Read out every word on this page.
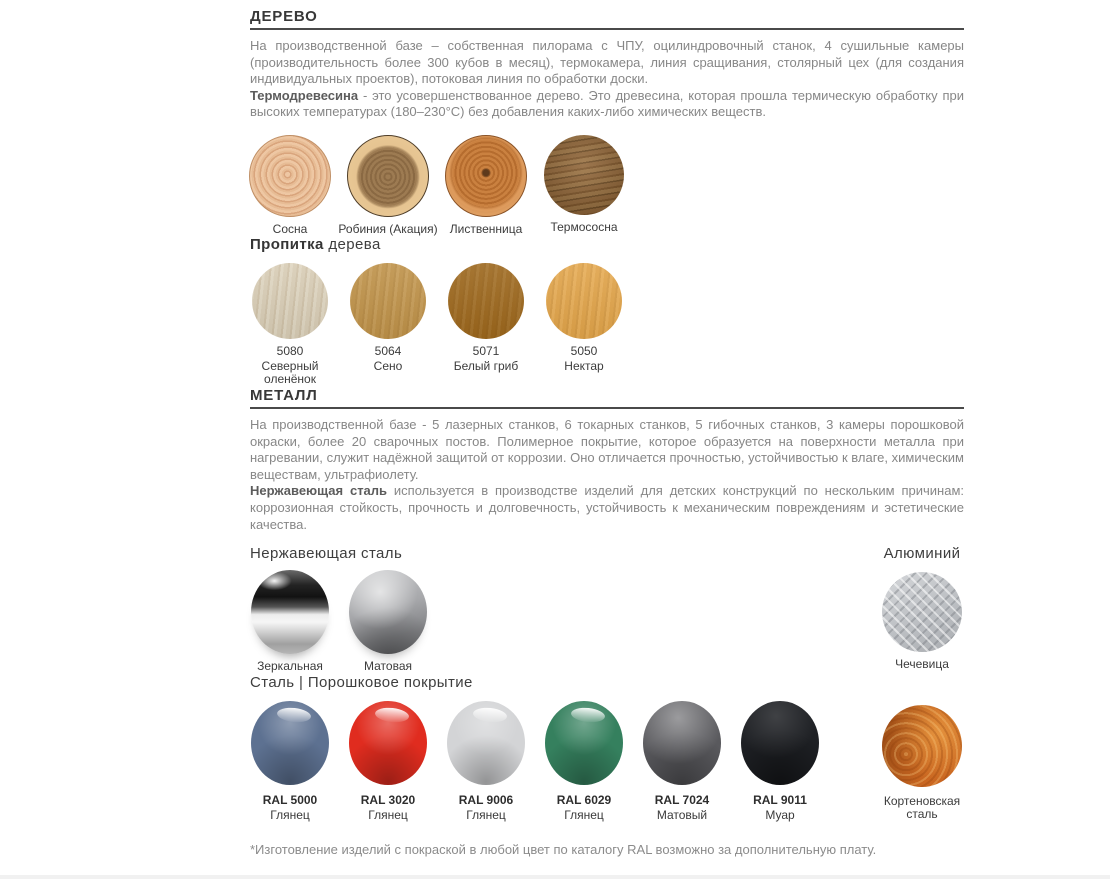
ДЕРЕВО

На производственной базе – собственная пилорама с ЧПУ, оцилиндровочный станок, 4 сушильные камеры (производительность более 300 кубов в месяц), термокамера, линия сращивания, столярный цех (для создания индивидуальных проектов), потоковая линия по обработки доски.

Термодревесина - это усовершенствованное дерево. Это древесина, которая прошла термическую обработку при высоких температурах (180–230°С) без добавления каких-либо химических веществ.

Сосна	Робиния (Акация) Лиственница Термососна
Пропитка дерева
5080
Северный оленёнок
5064
Сено
5071
Белый гриб
5050
Нектар
МЕТАЛЛ

На производственной базе - 5 лазерных станков, 6 токарных станков, 5 гибочных станков, 3 камеры порошковой окраски, более 20 сварочных постов. Полимерное покрытие, которое образуется на поверхности металла при нагревании, служит надёжной защитой от коррозии. Оно отличается прочностью, устойчивостью к влаге, химическим веществам, ультрафиолету.

Нержавеющая сталь используется в производстве изделий для детских конструкций по нескольким причинам: коррозионная стойкость, прочность и долговечность, устойчивость к механическим повреждениям и эстетические качества.

Нержавеющая сталь
Зеркальная	Матовая
Алюминий
Чечевица
Сталь | Порошковое покрытие
RAL 5000
Глянец
RAL 3020
Глянец
RAL 9006
Глянец
RAL 6029
Глянец
RAL 7024
Матовый
RAL 9011
Муар
Кортеновская сталь

*Изготовление изделий с покраской в любой цвет по каталогу RAL возможно за дополнительную плату.
